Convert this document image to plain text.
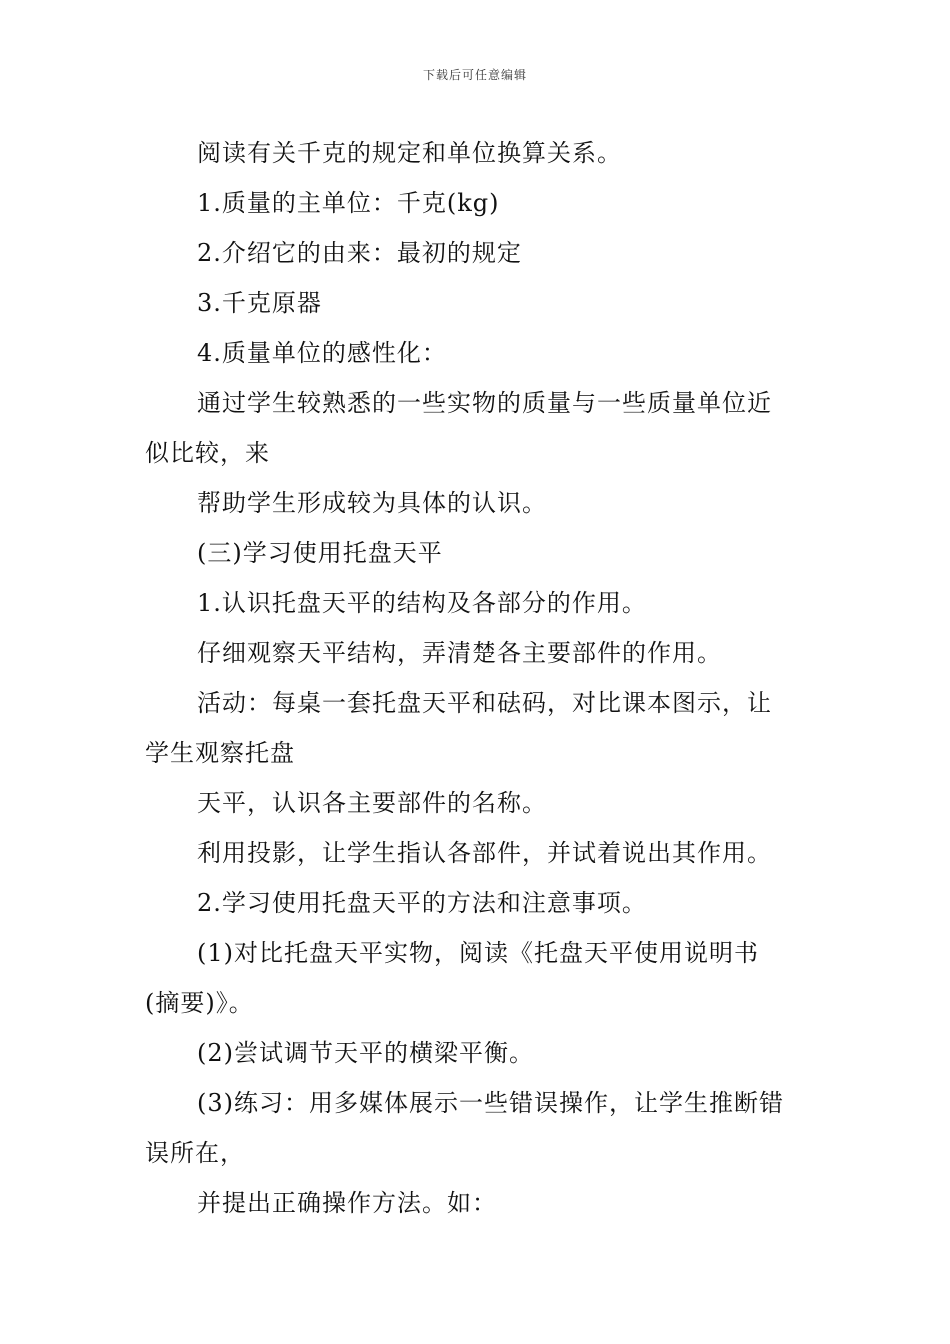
下载后可任意编辑
阅读有关千克的规定和单位换算关系。
1.质量的主单位：千克(kg)
2.介绍它的由来：最初的规定
3.千克原器
4.质量单位的感性化：
通过学生较熟悉的一些实物的质量与一些质量单位近
似比较，来
帮助学生形成较为具体的认识。
(三)学习使用托盘天平
1.认识托盘天平的结构及各部分的作用。
仔细观察天平结构，弄清楚各主要部件的作用。
活动：每桌一套托盘天平和砝码，对比课本图示，让
学生观察托盘
天平，认识各主要部件的名称。
利用投影，让学生指认各部件，并试着说出其作用。
2.学习使用托盘天平的方法和注意事项。
(1)对比托盘天平实物，阅读《托盘天平使用说明书
(摘要)》。
(2)尝试调节天平的横梁平衡。
(3)练习：用多媒体展示一些错误操作，让学生推断错
误所在，
并提出正确操作方法。如：
